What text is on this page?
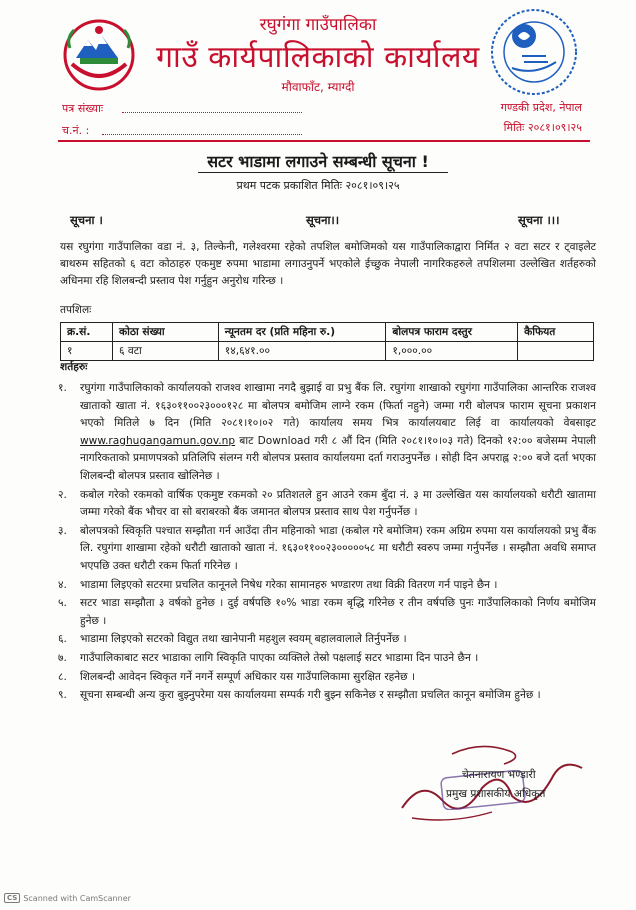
रघुगंगा गाउँपालिका
गाउँ कार्यपालिकाको कार्यालय
मौवाफाँट, म्याग्दी
पत्र संख्याः
च.नं. :
गण्डकी प्रदेश, नेपाल
मितिः २०८१।०९।२५
सटर भाडामा लगाउने सम्बन्धी सूचना !
प्रथम पटक प्रकाशित मितिः २०८१।०९।२५
सूचना ।	सूचना।।	सूचना ।।।

यस रघुगंगा गाउँपालिका वडा नं. ३, तिल्केनी, गलेश्वरमा रहेको तपशिल बमोजिमको यस गाउँपालिकाद्वारा निर्मित २ वटा सटर र ट्वाइलेट बाथरुम सहितको ६ वटा कोठाहरु एकमुष्ट रुपमा भाडामा लगाउनुपर्ने भएकोले ईच्छुक नेपाली नागरिकहरुले तपशिलमा उल्लेखित शर्तहरुको अधिनमा रहि शिलबन्दी प्रस्ताव पेश गर्नुहुन अनुरोध गरिन्छ ।

तपशिलः
क्र.सं.	कोठा संख्या	न्यूनतम दर (प्रति महिना रु.)	बोलपत्र फाराम दस्तुर	कैफियत
१	६ वटा	१४,६४१.००	१,०००.००	
शर्तहरुः
१. रघुगंगा गाउँपालिकाको कार्यालयको राजश्व शाखामा नगदै बुझाई वा प्रभु बैंक लि. रघुगंगा शाखाको रघुगंगा गाउँपालिका आन्तरिक राजश्व खाताको खाता नं. १६३०११००२३०००१२८ मा बोलपत्र बमोजिम लाग्ने रकम (फिर्ता नहुने) जम्मा गरी बोलपत्र फाराम सूचना प्रकाशन भएको मितिले ७ दिन (मिति २०८१।१०।०२ गते) कार्यालय समय भित्र कार्यालयबाट लिई वा कार्यालयको वेबसाइट www.raghugangamun.gov.np बाट Download गरी ८ औं दिन (मिति २०८१।१०।०३ गते) दिनको १२:०० बजेसम्म नेपाली नागरिकताको प्रमाणपत्रको प्रतिलिपि संलग्न गरी बोलपत्र प्रस्ताव कार्यालयमा दर्ता गराउनुपर्नेछ । सोही दिन अपराह्न २:०० बजे दर्ता भएका शिलबन्दी बोलपत्र प्रस्ताव खोलिनेछ ।
२. कबोल गरेको रकमको वार्षिक एकमुष्ट रकमको २० प्रतिशतले हुन आउने रकम बुँदा नं. ३ मा उल्लेखित यस कार्यालयको धरौटी खातामा जम्मा गरेको बैंक भौचर वा सो बराबरको बैंक जमानत बोलपत्र प्रस्ताव साथ पेश गर्नुपर्नेछ ।
३. बोलपत्रको स्विकृति पश्चात सम्झौता गर्न आउँदा तीन महिनाको भाडा (कबोल गरे बमोजिम) रकम अग्रिम रुपमा यस कार्यालयको प्रभु बैंक लि. रघुगंगा शाखामा रहेको धरौटी खाताको खाता नं. १६३०११००२३०००००५८ मा धरौटी स्वरुप जम्मा गर्नुपर्नेछ । सम्झौता अवधि समाप्त भएपछि उक्त धरौटी रकम फिर्ता गरिनेछ ।
४. भाडामा लिइएको सटरमा प्रचलित कानूनले निषेध गरेका सामानहरु भण्डारण तथा विक्री वितरण गर्न पाइने छैन ।
५. सटर भाडा सम्झौता ३ वर्षको हुनेछ । दुई वर्षपछि १०% भाडा रकम बृद्धि गरिनेछ र तीन वर्षपछि पुनः गाउँपालिकाको निर्णय बमोजिम हुनेछ ।
६. भाडामा लिइएको सटरको विद्युत तथा खानेपानी महशुल स्वयम् बहालवालाले तिर्नुपर्नेछ ।
७. गाउँपालिकाबाट सटर भाडाका लागि स्विकृति पाएका व्यक्तिले तेस्रो पक्षलाई सटर भाडामा दिन पाउने छैन ।
८. शिलबन्दी आवेदन स्विकृत गर्ने नगर्ने सम्पूर्ण अधिकार यस गाउँपालिकामा सुरक्षित रहनेछ ।
९. सूचना सम्बन्धी अन्य कुरा बुझ्नुपरेमा यस कार्यालयमा सम्पर्क गरी बुझ्न सकिनेछ र सम्झौता प्रचलित कानून बमोजिम हुनेछ ।
चेतनारायण भण्डारी
प्रमुख प्रशासकीय अधिकृत
CS Scanned with CamScanner
